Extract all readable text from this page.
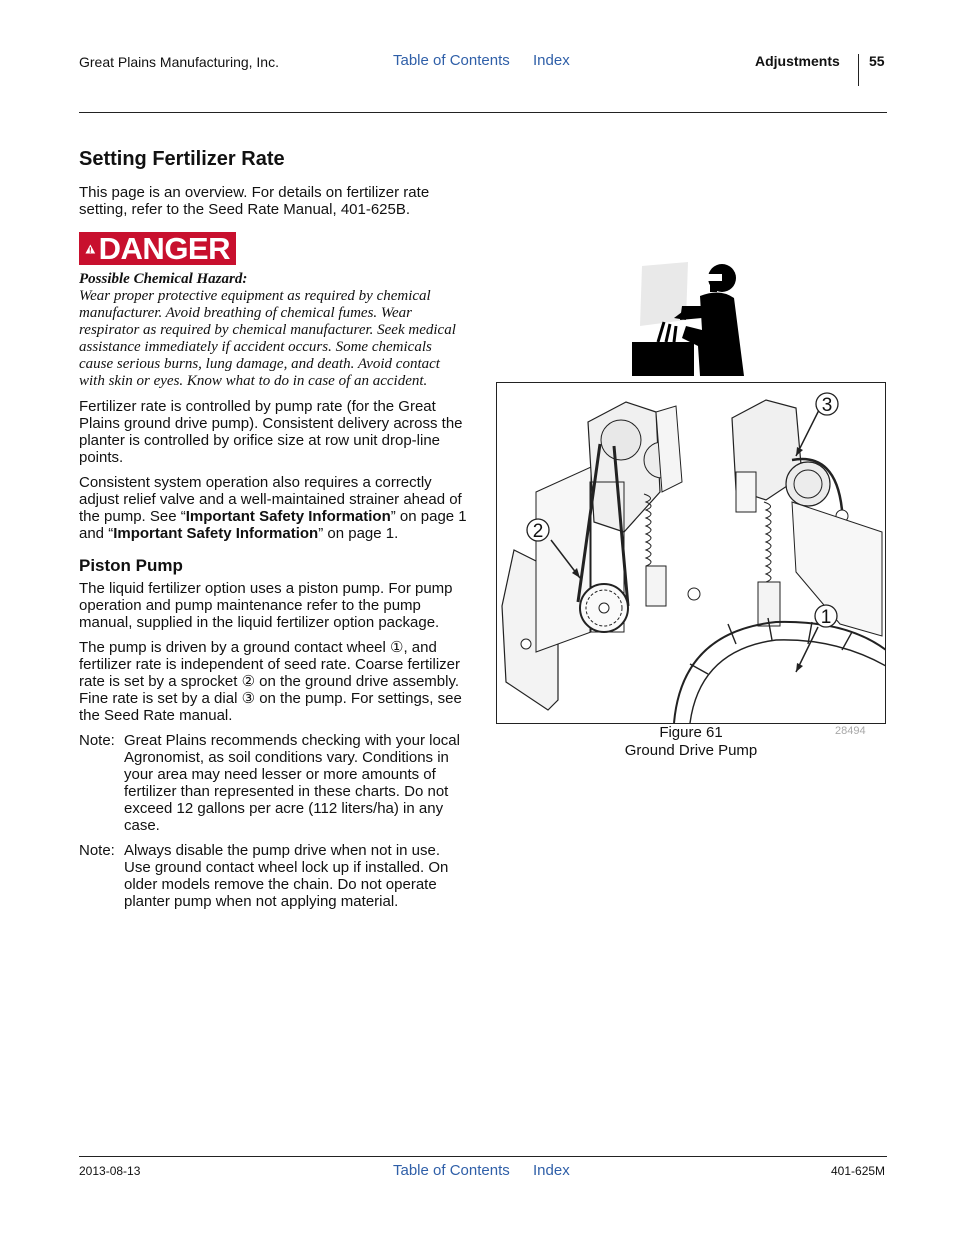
Great Plains Manufacturing, Inc.	Table of Contents Index	Adjustments 55
Setting Fertilizer Rate

This page is an overview. For details on fertilizer rate setting, refer to the Seed Rate Manual, 401-625B.

DANGER

Possible Chemical Hazard:

Wear proper protective equipment as required by chemical manufacturer. Avoid breathing of chemical fumes. Wear respirator as required by chemical manufacturer. Seek medical assistance immediately if accident occurs. Some chemicals cause serious burns, lung damage, and death. Avoid contact with skin or eyes. Know what to do in case of an accident.

Fertilizer rate is controlled by pump rate (for the Great Plains ground drive pump). Consistent delivery across the planter is controlled by orifice size at row unit drop-line points.

Consistent system operation also requires a correctly adjust relief valve and a well-maintained strainer ahead of the pump. See “Important Safety Information” on page 1 and “Important Safety Information” on page 1.

Piston Pump

The liquid fertilizer option uses a piston pump. For pump operation and pump maintenance refer to the pump manual, supplied in the liquid fertilizer option package.

The pump is driven by a ground contact wheel ①, and fertilizer rate is independent of seed rate. Coarse fertilizer rate is set by a sprocket ② on the ground drive assembly. Fine rate is set by a dial ③ on the pump. For settings, see the Seed Rate manual.

Note: Great Plains recommends checking with your local Agronomist, as soil conditions vary. Conditions in your area may need lesser or more amounts of fertilizer than represented in these charts. Do not exceed 12 gallons per acre (112 liters/ha) in any case.
Note: Always disable the pump drive when not in use. Use ground contact wheel lock up if installed. On older models remove the chain. Do not operate planter pump when not applying material.
3
2
1
28494
Figure 61
Ground Drive Pump
2013-08-13	Table of Contents Index	401-625M
